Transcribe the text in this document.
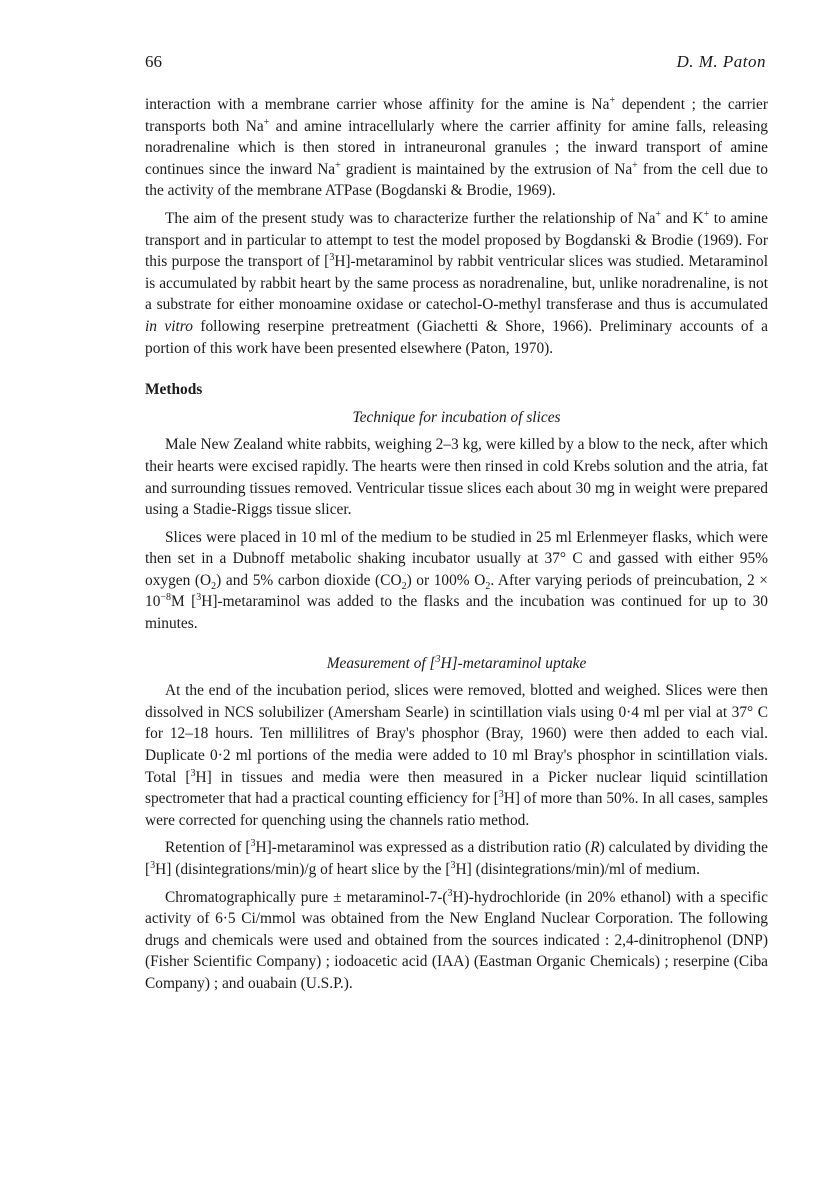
66	D. M. Paton

interaction with a membrane carrier whose affinity for the amine is Na+ dependent ; the carrier transports both Na+ and amine intracellularly where the carrier affinity for amine falls, releasing noradrenaline which is then stored in intraneuronal granules ; the inward transport of amine continues since the inward Na+ gradient is maintained by the extrusion of Na+ from the cell due to the activity of the membrane ATPase (Bogdanski & Brodie, 1969).

The aim of the present study was to characterize further the relationship of Na+ and K+ to amine transport and in particular to attempt to test the model proposed by Bogdanski & Brodie (1969). For this purpose the transport of [$^3$H]-metaraminol by rabbit ventricular slices was studied. Metaraminol is accumulated by rabbit heart by the same process as noradrenaline, but, unlike noradrenaline, is not a substrate for either monoamine oxidase or catechol-O-methyl transferase and thus is accumulated in vitro following reserpine pretreatment (Giachetti & Shore, 1966). Preliminary accounts of a portion of this work have been presented elsewhere (Paton, 1970).

Methods
Technique for incubation of slices

Male New Zealand white rabbits, weighing 2–3 kg, were killed by a blow to the neck, after which their hearts were excised rapidly. The hearts were then rinsed in cold Krebs solution and the atria, fat and surrounding tissues removed. Ventricular tissue slices each about 30 mg in weight were prepared using a Stadie-Riggs tissue slicer.

Slices were placed in 10 ml of the medium to be studied in 25 ml Erlenmeyer flasks, which were then set in a Dubnoff metabolic shaking incubator usually at 37° C and gassed with either 95% oxygen $(O_2)$ and 5% carbon dioxide $(CO_2)$ or 100% $O_2$. After varying periods of preincubation, $2 \times 10^{-8}M$ [$^3$H]-metaraminol was added to the flasks and the incubation was continued for up to 30 minutes.

Measurement of [$^3$H]-metaraminol uptake

At the end of the incubation period, slices were removed, blotted and weighed. Slices were then dissolved in NCS solubilizer (Amersham Searle) in scintillation vials using 0·4 ml per vial at 37° C for 12–18 hours. Ten millilitres of Bray's phosphor (Bray, 1960) were then added to each vial. Duplicate 0·2 ml portions of the media were added to 10 ml Bray's phosphor in scintillation vials. Total [$^3$H] in tissues and media were then measured in a Picker nuclear liquid scintillation spectrometer that had a practical counting efficiency for [$^3$H] of more than 50%. In all cases, samples were corrected for quenching using the channels ratio method.

Retention of [$^3$H]-metaraminol was expressed as a distribution ratio (R) calculated by dividing the [$^3$H] (disintegrations/min)/g of heart slice by the [$^3$H] (disintegrations/min)/ml of medium.

Chromatographically pure ± metaraminol-7-($^3$H)-hydrochloride (in 20% ethanol) with a specific activity of 6·5 Ci/mmol was obtained from the New England Nuclear Corporation. The following drugs and chemicals were used and obtained from the sources indicated : 2,4-dinitrophenol (DNP) (Fisher Scientific Company) ; iodoacetic acid (IAA) (Eastman Organic Chemicals) ; reserpine (Ciba Company) ; and ouabain (U.S.P.).
